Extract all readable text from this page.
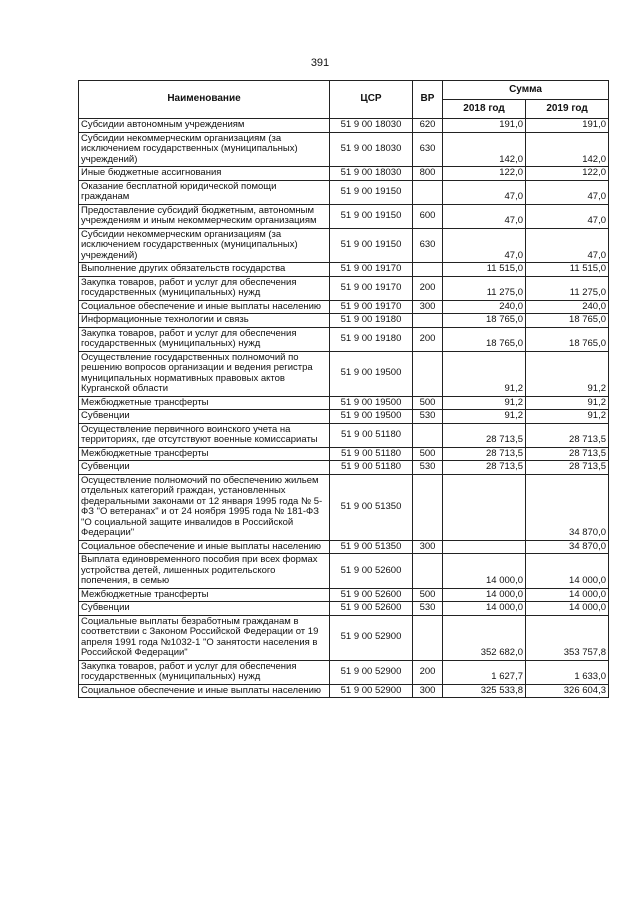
391
Наименование	ЦСР	ВР	Сумма	
			2018 год	2019 год
Субсидии автономным учреждениям	51 9 00 18030	620	191,0	191,0
Субсидии некоммерческим организациям (за исключением государственных (муниципальных) учреждений)	51 9 00 18030	630	142,0	142,0
Иные бюджетные ассигнования	51 9 00 18030	800	122,0	122,0
Оказание бесплатной юридической помощи гражданам	51 9 00 19150		47,0	47,0
Предоставление субсидий бюджетным, автономным учреждениям и иным некоммерческим организациям	51 9 00 19150	600	47,0	47,0
Субсидии некоммерческим организациям (за исключением государственных (муниципальных) учреждений)	51 9 00 19150	630	47,0	47,0
Выполнение других обязательств государства	51 9 00 19170		11 515,0	11 515,0
Закупка товаров, работ и услуг для обеспечения государственных (муниципальных) нужд	51 9 00 19170	200	11 275,0	11 275,0
Социальное обеспечение и иные выплаты населению	51 9 00 19170	300	240,0	240,0
Информационные технологии и связь	51 9 00 19180		18 765,0	18 765,0
Закупка товаров, работ и услуг для обеспечения государственных (муниципальных) нужд	51 9 00 19180	200	18 765,0	18 765,0
Осуществление государственных полномочий по решению вопросов организации и ведения регистра муниципальных нормативных правовых актов Курганской области	51 9 00 19500		91,2	91,2
Межбюджетные трансферты	51 9 00 19500	500	91,2	91,2
Субвенции	51 9 00 19500	530	91,2	91,2
Осуществление первичного воинского учета на территориях, где отсутствуют военные комиссариаты	51 9 00 51180		28 713,5	28 713,5
Межбюджетные трансферты	51 9 00 51180	500	28 713,5	28 713,5
Субвенции	51 9 00 51180	530	28 713,5	28 713,5
Осуществление полномочий по обеспечению жильем отдельных категорий граждан, установленных федеральными законами от 12 января 1995 года № 5-ФЗ "О ветеранах" и от 24 ноября 1995 года № 181-ФЗ "О социальной защите инвалидов в Российской Федерации"	51 9 00 51350			34 870,0
Социальное обеспечение и иные выплаты населению	51 9 00 51350	300		34 870,0
Выплата единовременного пособия при всех формах устройства детей, лишенных родительского попечения, в семью	51 9 00 52600		14 000,0	14 000,0
Межбюджетные трансферты	51 9 00 52600	500	14 000,0	14 000,0
Субвенции	51 9 00 52600	530	14 000,0	14 000,0
Социальные выплаты безработным гражданам в соответствии с Законом Российской Федерации от 19 апреля 1991 года №1032-1 "О занятости населения в Российской Федерации"	51 9 00 52900		352 682,0	353 757,8
Закупка товаров, работ и услуг для обеспечения государственных (муниципальных) нужд	51 9 00 52900	200	1 627,7	1 633,0
Социальное обеспечение и иные выплаты населению	51 9 00 52900	300	325 533,8	326 604,3
